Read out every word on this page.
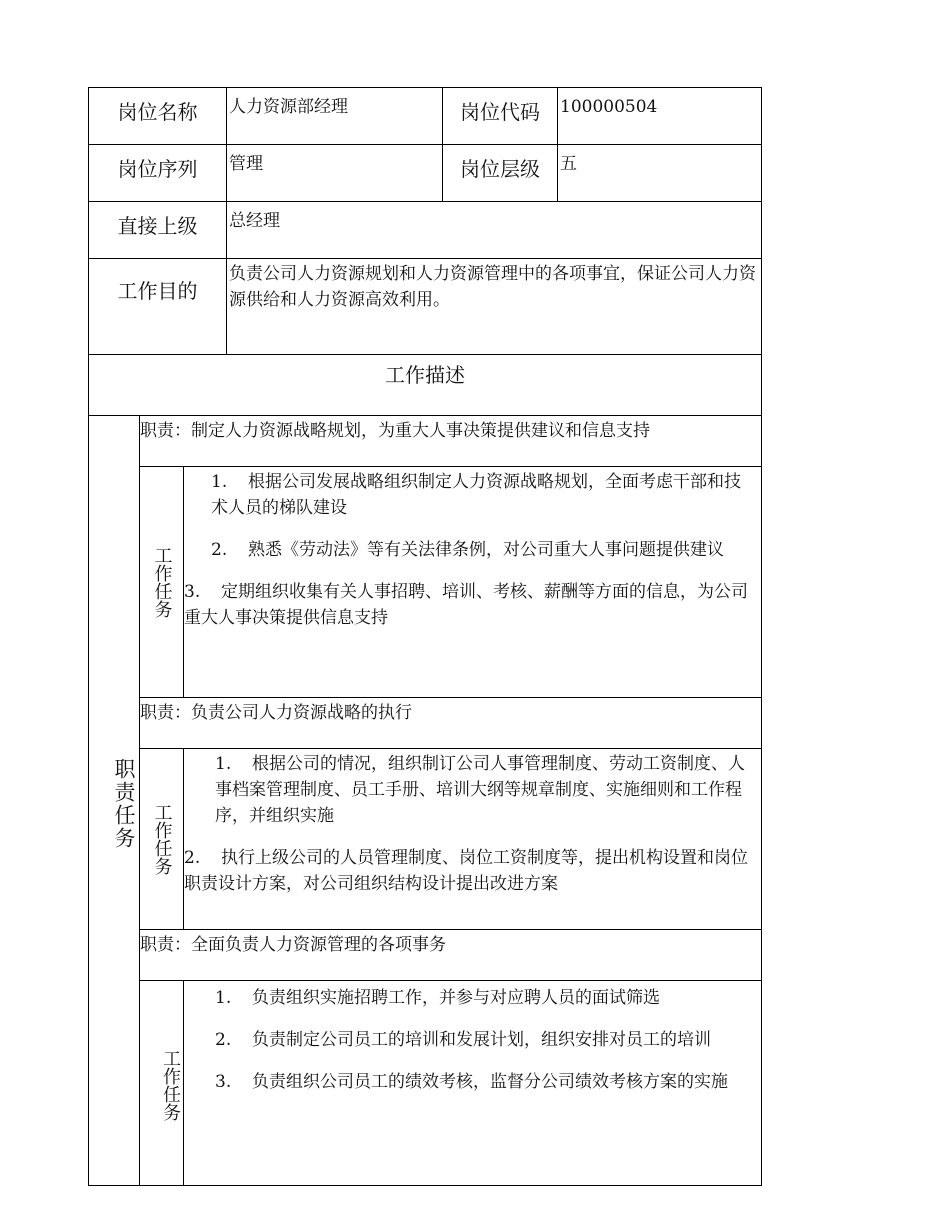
岗位名称			人力资源部经理	岗位代码	100000504
岗位序列			管理	岗位层级	五
直接上级			总经理		
工作目的			负责公司人力资源规划和人力资源管理中的各项事宜，保证公司人力资源供给和人力资源高效利用。		
工作描述					
职责任务	职责：制定人力资源战略规划，为重大人事决策提供建议和信息支持				
	工作任务	1. 根据公司发展战略组织制定人力资源战略规划，全面考虑干部和技术人员的梯队建设
2. 熟悉《劳动法》等有关法律条例，对公司重大人事问题提供建议
3. 定期组织收集有关人事招聘、培训、考核、薪酬等方面的信息，为公司重大人事决策提供信息支持			

	职责：负责公司人力资源战略的执行				
	工作任务	1. 根据公司的情况，组织制订公司人事管理制度、劳动工资制度、人事档案管理制度、员工手册、培训大纲等规章制度、实施细则和工作程序，并组织实施
2. 执行上级公司的人员管理制度、岗位工资制度等，提出机构设置和岗位职责设计方案，对公司组织结构设计提出改进方案			

	职责：全面负责人力资源管理的各项事务				
	工作任务	1. 负责组织实施招聘工作，并参与对应聘人员的面试筛选
2. 负责制定公司员工的培训和发展计划，组织安排对员工的培训
3. 负责组织公司员工的绩效考核，监督分公司绩效考核方案的实施			
